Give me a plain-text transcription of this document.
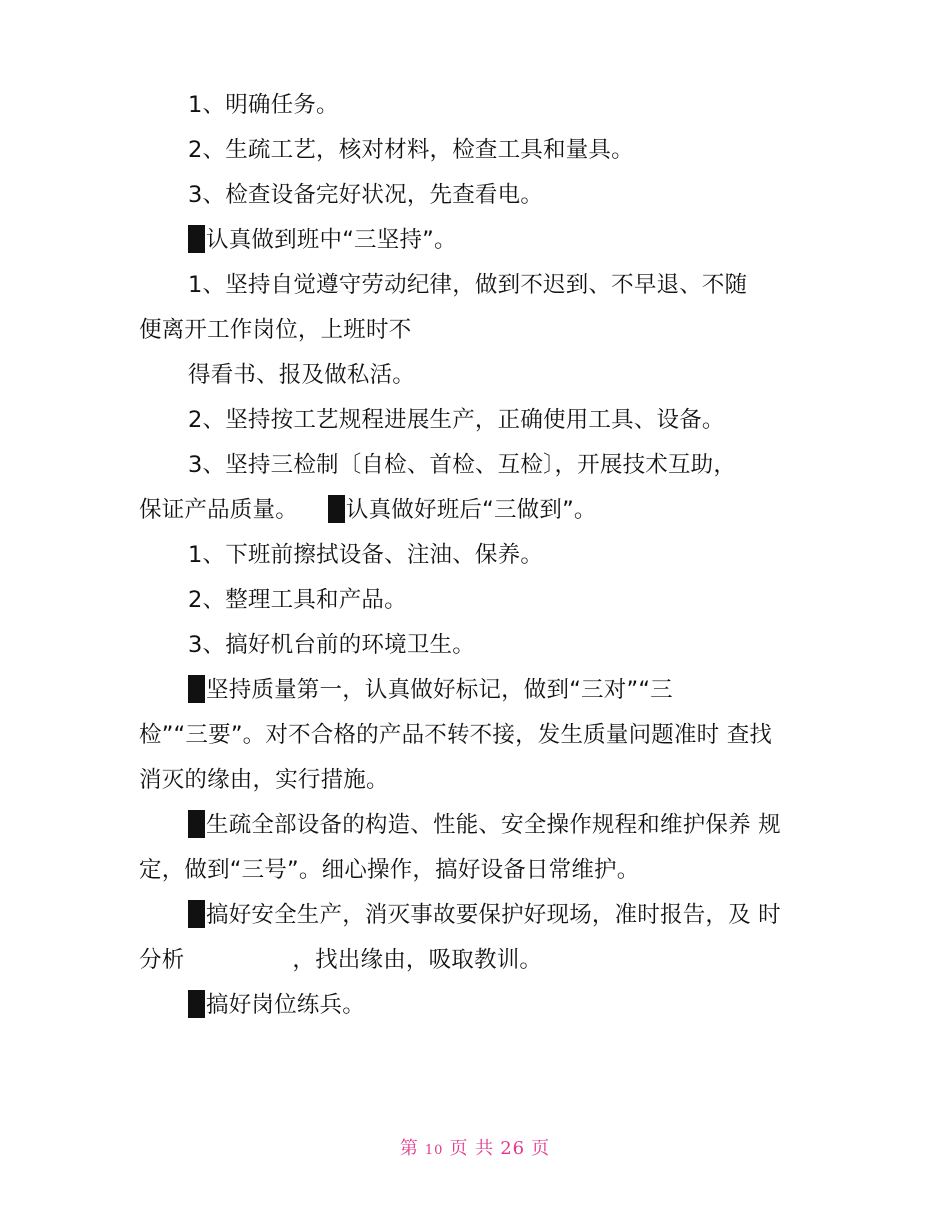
1、明确任务。
2、生疏工艺，核对材料，检查工具和量具。
3、检查设备完好状况，先查看电。
认真做到班中“三坚持”。
1、坚持自觉遵守劳动纪律，做到不迟到、不早退、不随
便离开工作岗位，上班时不
得看书、报及做私活。
2、坚持按工艺规程进展生产，正确使用工具、设备。
3、坚持三检制〔自检、首检、互检〕，开展技术互助，
保证产品质量。 认真做好班后“三做到”。
1、下班前擦拭设备、注油、保养。
2、整理工具和产品。
3、搞好机台前的环境卫生。
坚持质量第一，认真做好标记，做到“三对”“三
检”“三要”。对不合格的产品不转不接，发生质量问题准时 查找
消灭的缘由，实行措施。
生疏全部设备的构造、性能、安全操作规程和维护保养 规
定，做到“三号”。细心操作，搞好设备日常维护。
搞好安全生产，消灭事故要保护好现场，准时报告，及 时
分析	，找出缘由，吸取教训。
搞好岗位练兵。
第 10 页 共 26 页
